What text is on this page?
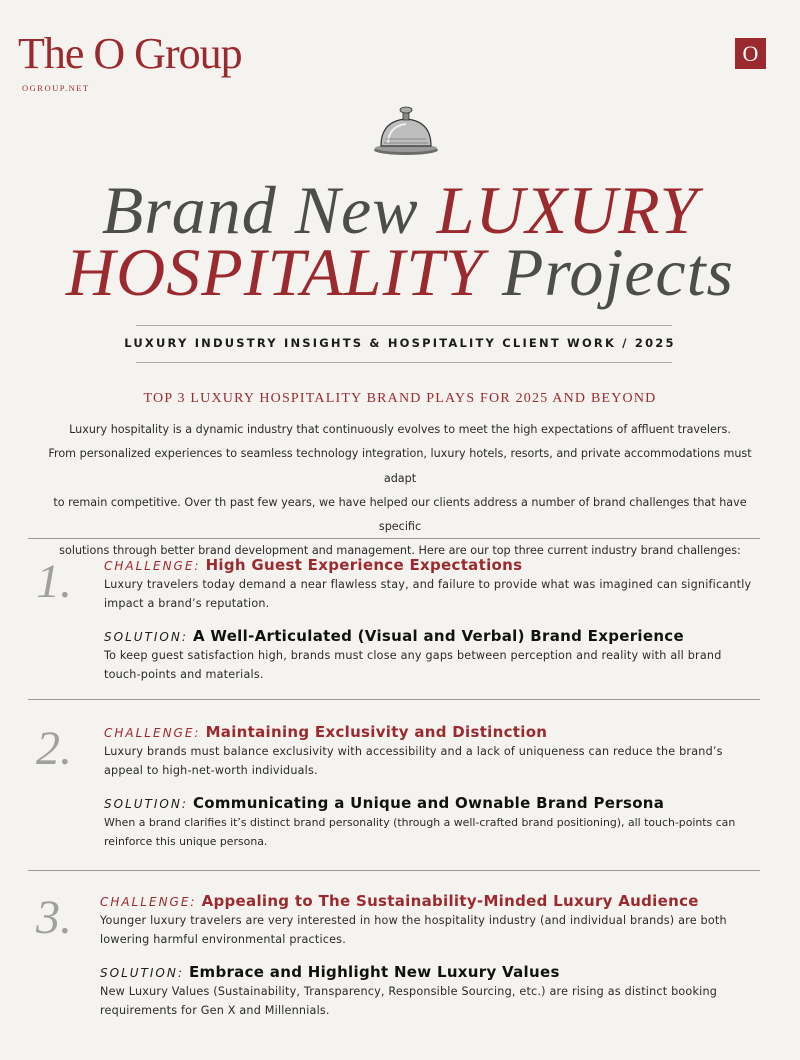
The O Group
OGROUP.NET
O
Brand New LUXURY
HOSPITALITY Projects
LUXURY INDUSTRY INSIGHTS & HOSPITALITY CLIENT WORK / 2025
TOP 3 LUXURY HOSPITALITY BRAND PLAYS FOR 2025 AND BEYOND

Luxury hospitality is a dynamic industry that continuously evolves to meet the high expectations of affluent travelers.

From personalized experiences to seamless technology integration, luxury hotels, resorts, and private accommodations must adapt

to remain competitive. Over th past few years, we have helped our clients address a number of brand challenges that have specific

solutions through better brand development and management. Here are our top three current industry brand challenges:

1.	CHALLENGE: High Guest Experience Expectations

Luxury travelers today demand a near flawless stay, and failure to provide what was imagined can significantly
impact a brand’s reputation.

SOLUTION: A Well-Articulated (Visual and Verbal) Brand Experience

To keep guest satisfaction high, brands must close any gaps between perception and reality with all brand
touch-points and materials.

2.	CHALLENGE: Maintaining Exclusivity and Distinction

Luxury brands must balance exclusivity with accessibility and a lack of uniqueness can reduce the brand’s
appeal to high-net-worth individuals.

SOLUTION: Communicating a Unique and Ownable Brand Persona

When a brand clarifies it’s distinct brand personality (through a well-crafted brand positioning), all touch-points can
reinforce this unique persona.

3. CHALLENGE: Appealing to The Sustainability-Minded Luxury Audience

Younger luxury travelers are very interested in how the hospitality industry (and individual brands) are both
lowering harmful environmental practices.

SOLUTION: Embrace and Highlight New Luxury Values

New Luxury Values (Sustainability, Transparency, Responsible Sourcing, etc.) are rising as distinct booking
requirements for Gen X and Millennials.
